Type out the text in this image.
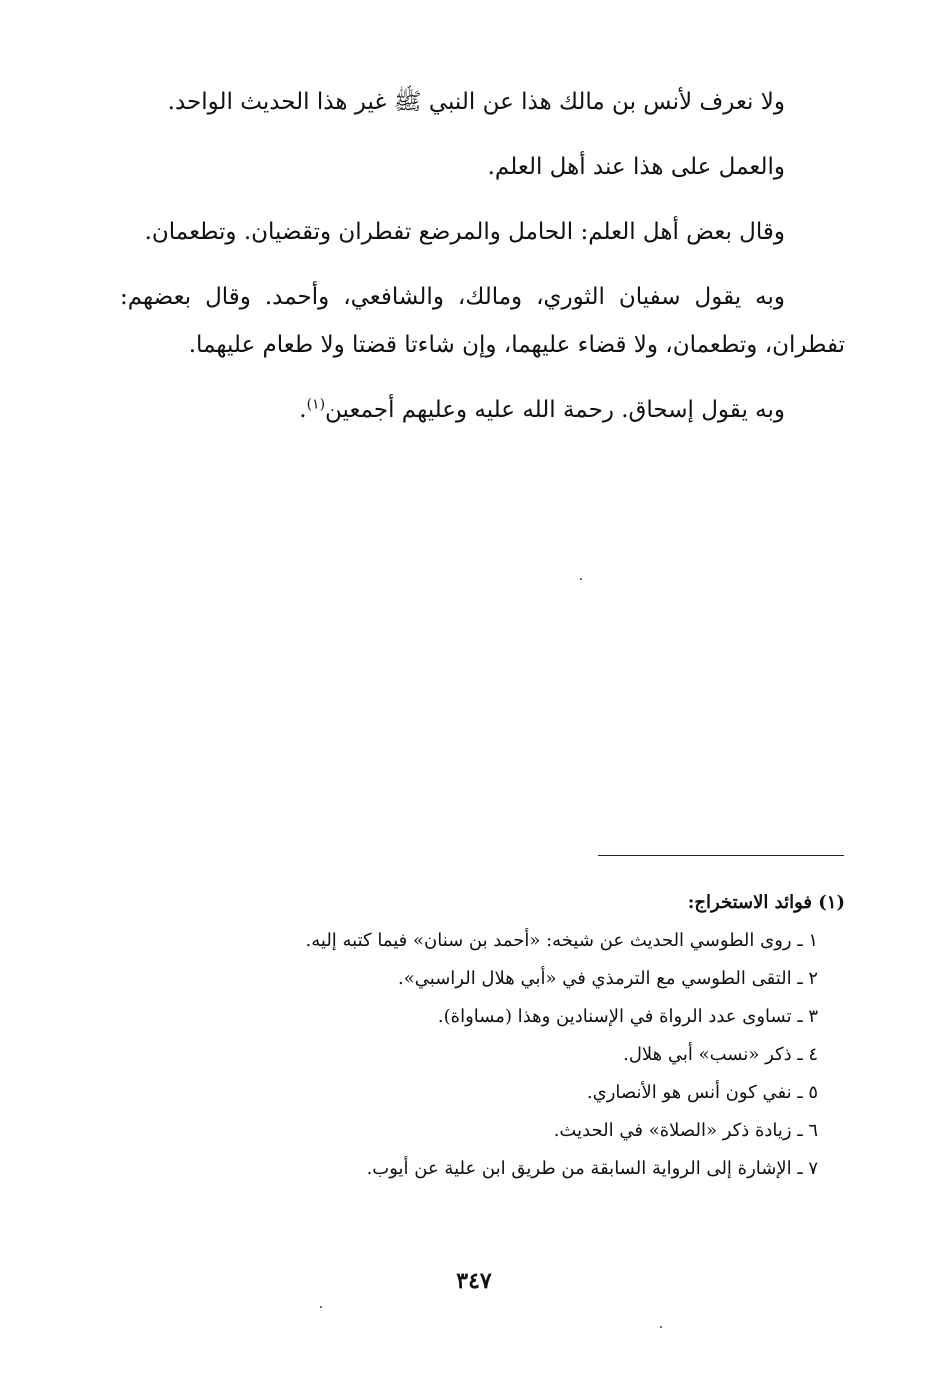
ولا نعرف لأنس بن مالك هذا عن النبي ﷺ غير هذا الحديث الواحد.

والعمل على هذا عند أهل العلم.

وقال بعض أهل العلم: الحامل والمرضع تفطران وتقضيان. وتطعمان.

وبه يقول سفيان الثوري، ومالك، والشافعي، وأحمد. وقال بعضهم: تفطران، وتطعمان، ولا قضاء عليهما، وإن شاءتا قضتا ولا طعام عليهما.

وبه يقول إسحاق. رحمة الله عليه وعليهم أجمعين$^{(١)}$.

(١) فوائد الاستخراج:

١ ـ روى الطوسي الحديث عن شيخه: «أحمد بن سنان» فيما كتبه إليه.
٢ ـ التقى الطوسي مع الترمذي في «أبي هلال الراسبي».
٣ ـ تساوى عدد الرواة في الإسنادين وهذا (مساواة).
٤ ـ ذكر «نسب» أبي هلال.
٥ ـ نفي كون أنس هو الأنصاري.
٦ ـ زيادة ذكر «الصلاة» في الحديث.
٧ ـ الإشارة إلى الرواية السابقة من طريق ابن علية عن أيوب.
٣٤٧
